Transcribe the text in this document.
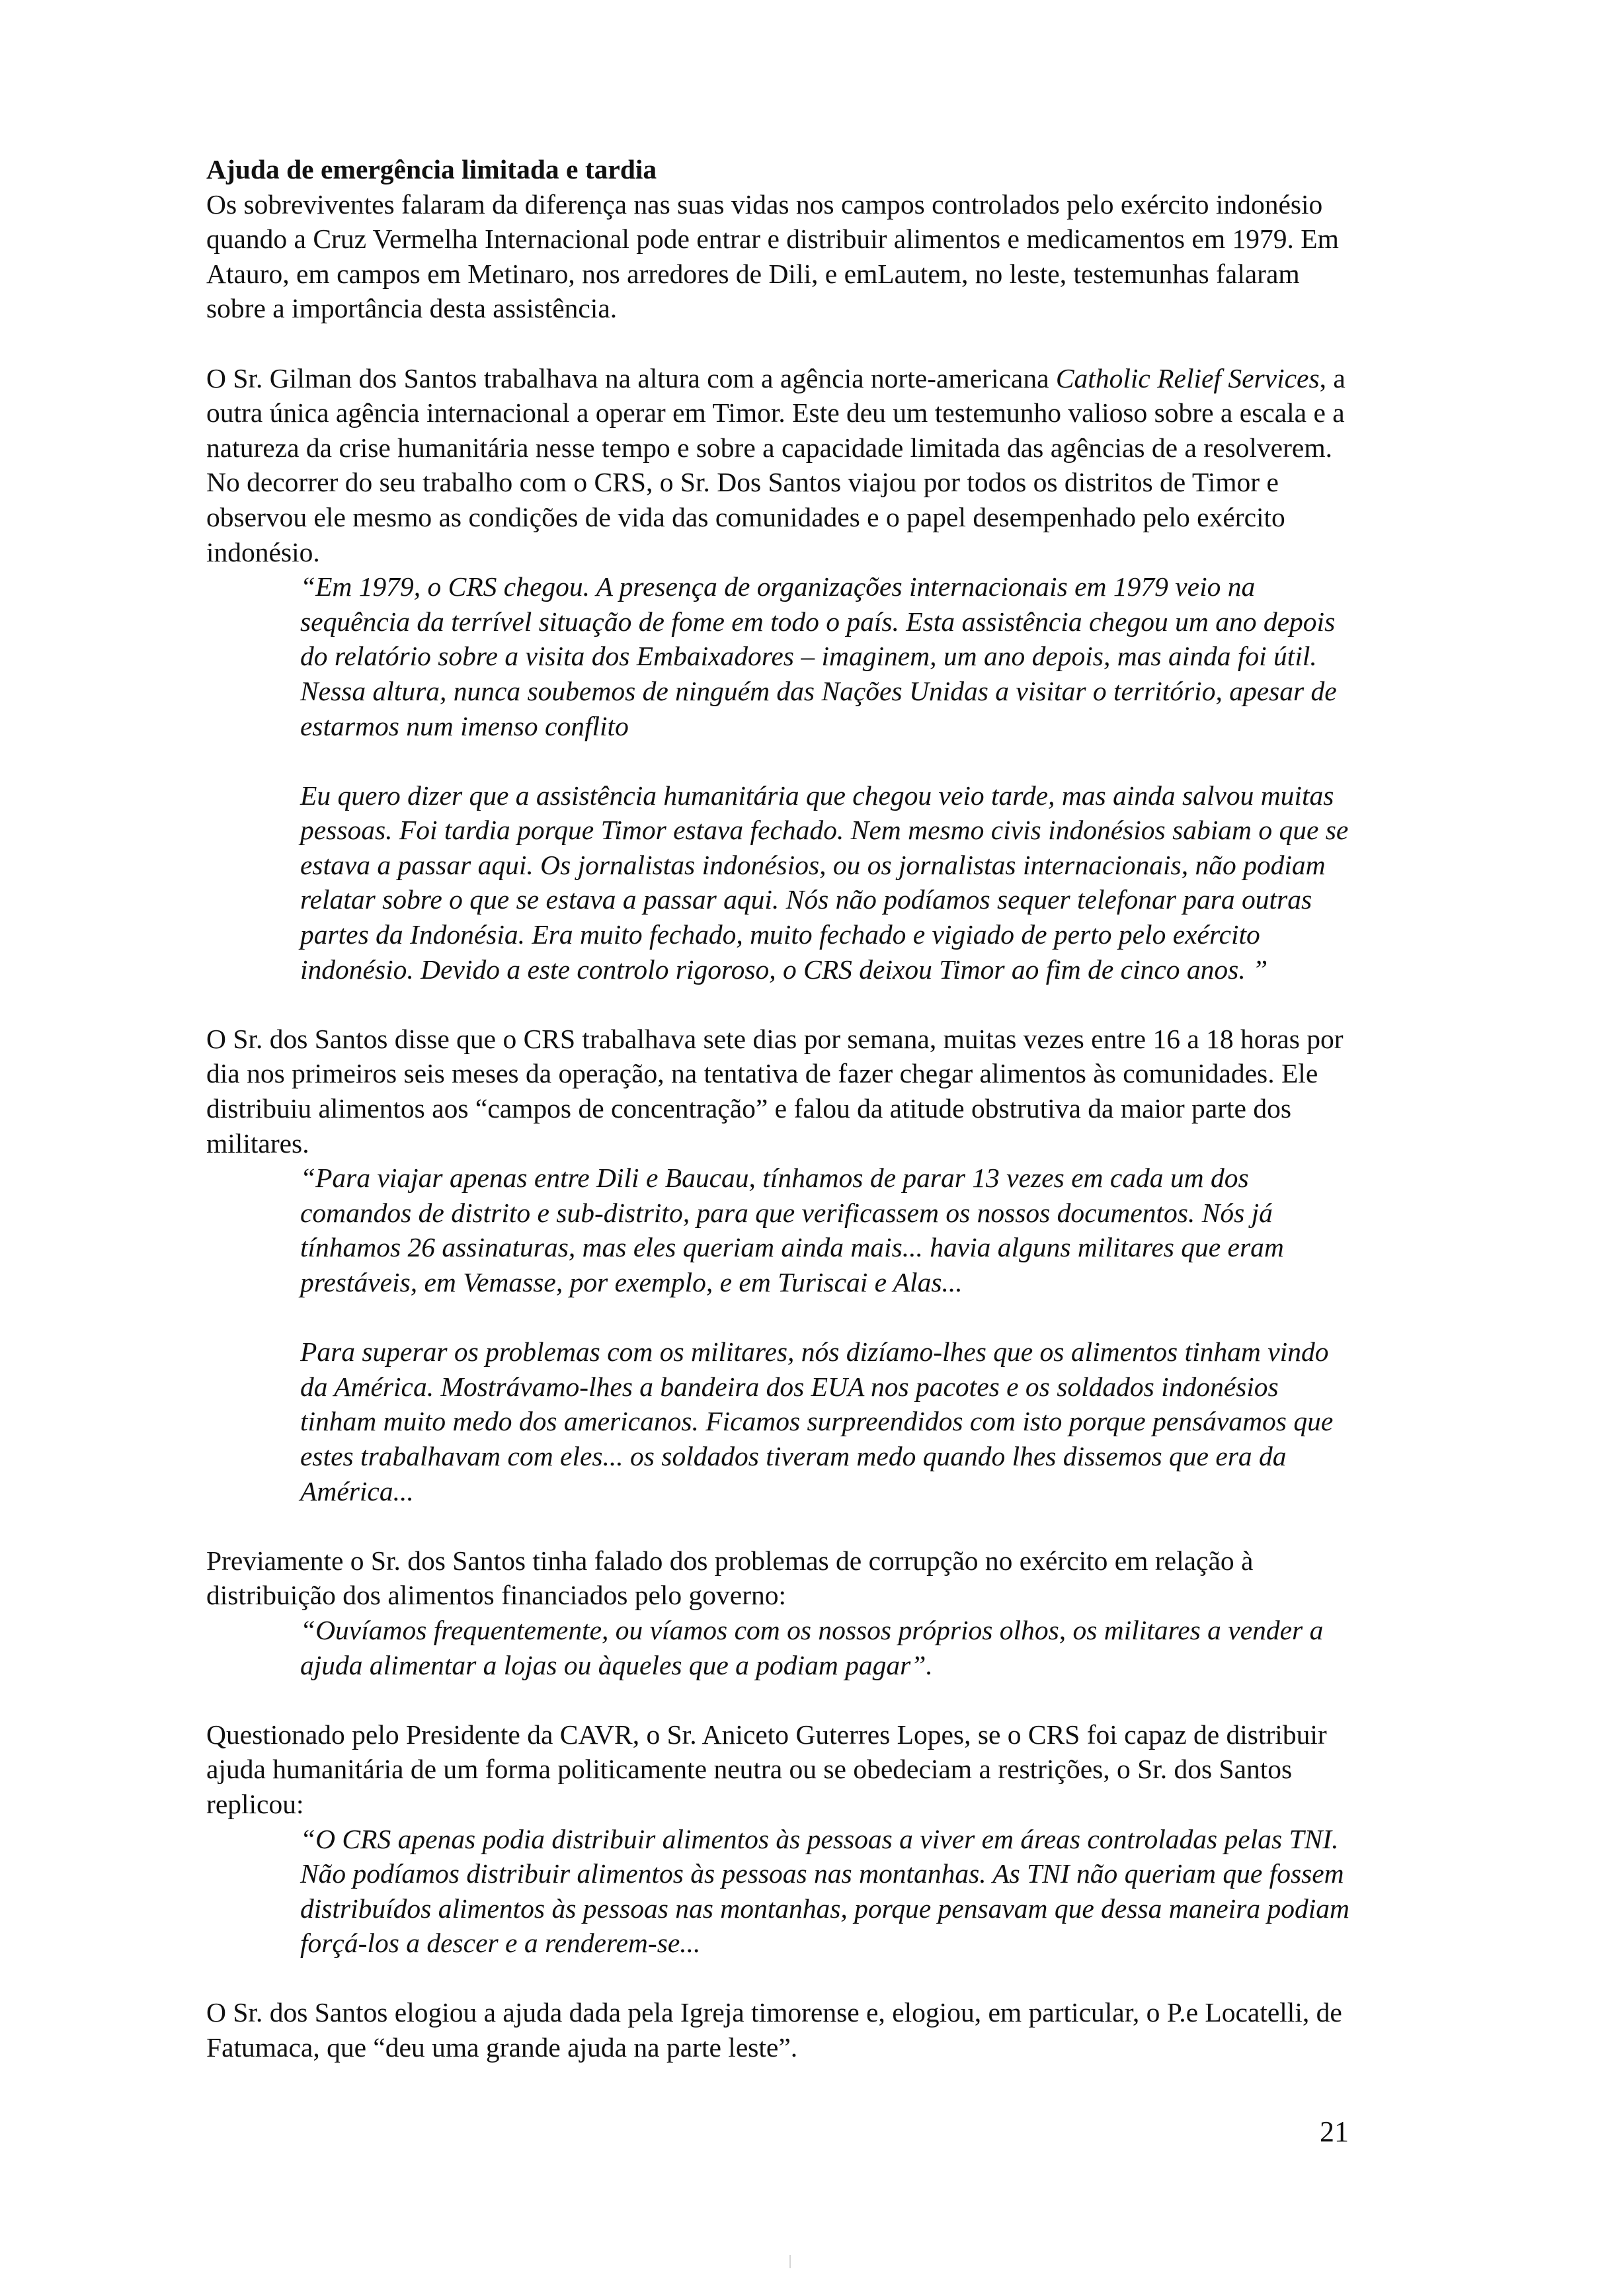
Ajuda de emergência limitada e tardia

Os sobreviventes falaram da diferença nas suas vidas nos campos controlados pelo exército indonésio quando a Cruz Vermelha Internacional pode entrar e distribuir alimentos e medicamentos em 1979. Em Atauro, em campos em Metinaro, nos arredores de Dili, e emLautem, no leste, testemunhas falaram sobre a importância desta assistência.

O Sr. Gilman dos Santos trabalhava na altura com a agência norte-americana Catholic Relief Services, a outra única agência internacional a operar em Timor. Este deu um testemunho valioso sobre a escala e a natureza da crise humanitária nesse tempo e sobre a capacidade limitada das agências de a resolverem. No decorrer do seu trabalho com o CRS, o Sr. Dos Santos viajou por todos os distritos de Timor e observou ele mesmo as condições de vida das comunidades e o papel desempenhado pelo exército indonésio.

“Em 1979, o CRS chegou. A presença de organizações internacionais em 1979 veio na sequência da terrível situação de fome em todo o país. Esta assistência chegou um ano depois do relatório sobre a visita dos Embaixadores – imaginem, um ano depois, mas ainda foi útil. Nessa altura, nunca soubemos de ninguém das Nações Unidas a visitar o território, apesar de estarmos num imenso conflito

Eu quero dizer que a assistência humanitária que chegou veio tarde, mas ainda salvou muitas pessoas. Foi tardia porque Timor estava fechado. Nem mesmo civis indonésios sabiam o que se estava a passar aqui. Os jornalistas indonésios, ou os jornalistas internacionais, não podiam relatar sobre o que se estava a passar aqui. Nós não podíamos sequer telefonar para outras partes da Indonésia. Era muito fechado, muito fechado e vigiado de perto pelo exército indonésio. Devido a este controlo rigoroso, o CRS deixou Timor ao fim de cinco anos. ”

O Sr. dos Santos disse que o CRS trabalhava sete dias por semana, muitas vezes entre 16 a 18 horas por dia nos primeiros seis meses da operação, na tentativa de fazer chegar alimentos às comunidades. Ele distribuiu alimentos aos “campos de concentração” e falou da atitude obstrutiva da maior parte dos militares.

“Para viajar apenas entre Dili e Baucau, tínhamos de parar 13 vezes em cada um dos comandos de distrito e sub-distrito, para que verificassem os nossos documentos. Nós já tínhamos 26 assinaturas, mas eles queriam ainda mais... havia alguns militares que eram prestáveis, em Vemasse, por exemplo, e em Turiscai e Alas...

Para superar os problemas com os militares, nós dizíamo-lhes que os alimentos tinham vindo da América. Mostrávamo-lhes a bandeira dos EUA nos pacotes e os soldados indonésios tinham muito medo dos americanos. Ficamos surpreendidos com isto porque pensávamos que estes trabalhavam com eles... os soldados tiveram medo quando lhes dissemos que era da América...

Previamente o Sr. dos Santos tinha falado dos problemas de corrupção no exército em relação à distribuição dos alimentos financiados pelo governo:

“Ouvíamos frequentemente, ou víamos com os nossos próprios olhos, os militares a vender a ajuda alimentar a lojas ou àqueles que a podiam pagar”.

Questionado pelo Presidente da CAVR, o Sr. Aniceto Guterres Lopes, se o CRS foi capaz de distribuir ajuda humanitária de um forma politicamente neutra ou se obedeciam a restrições, o Sr. dos Santos replicou:

“O CRS apenas podia distribuir alimentos às pessoas a viver em áreas controladas pelas TNI. Não podíamos distribuir alimentos às pessoas nas montanhas. As TNI não queriam que fossem distribuídos alimentos às pessoas nas montanhas, porque pensavam que dessa maneira podiam forçá-los a descer e a renderem-se...

O Sr. dos Santos elogiou a ajuda dada pela Igreja timorense e, elogiou, em particular, o P.e Locatelli, de Fatumaca, que “deu uma grande ajuda na parte leste”.

21
